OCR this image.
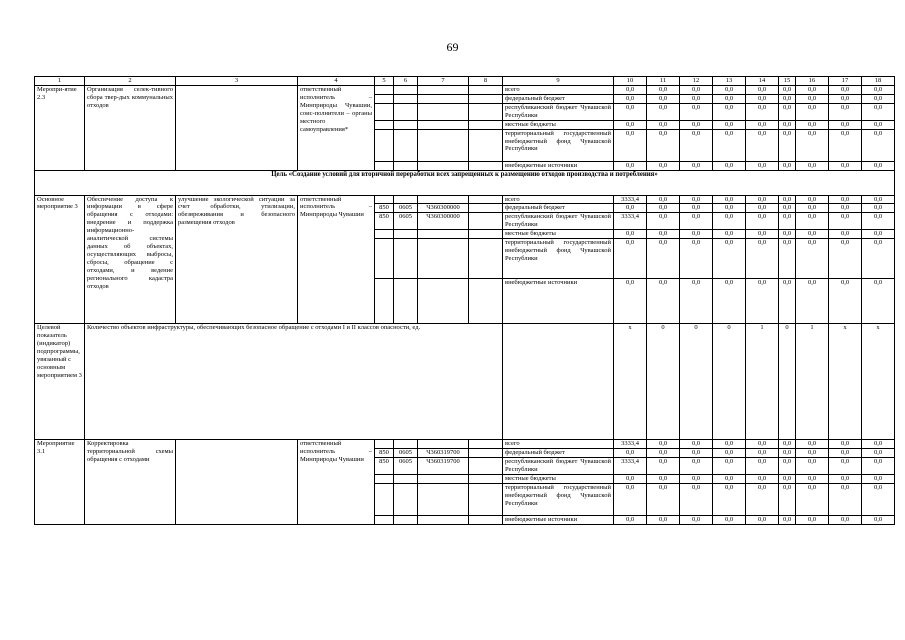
69
1	2	3	4	5	6	7	8	9	10	11	12	13	14	15	16	17	18	
Меропри-ятие 2.3	Организация селек-тивного сбора твер-дых коммунальных отходов		ответственный исполнитель – Минприроды Чувашии, соис-полнители – органы местного самоуправления*					всего	0,0	0,0	0,0	0,0	0,0	0,0	0,0	0,0	0,0	
								федеральный бюджет	0,0	0,0	0,0	0,0	0,0	0,0	0,0	0,0	0,0	
								республиканский бюджет Чувашской Республики	0,0	0,0	0,0	0,0	0,0	0,0	0,0	0,0	0,0	
								местные бюджеты	0,0	0,0	0,0	0,0	0,0	0,0	0,0	0,0	0,0	
								территориальный государственный внебюджетный фонд Чувашской Республики	0,0	0,0	0,0	0,0	0,0	0,0	0,0	0,0	0,0	
								внебюджетные источники	0,0	0,0	0,0	0,0	0,0	0,0	0,0	0,0	0,0	
Цель «Создание условий для вторичной переработки всех запрещенных к размещению отходов производства и потребления»																		
Основное мероприятие 3	Обеспечение доступа к информации в сфере обращения с отходами: внедрение и поддержка информационно-аналитической системы данных об объектах, осуществляющих выбросы, сбросы, обращение с отходами, и ведение регионального кадастра отходов	улучшение экологической ситуации за счет обработки, утилизации, обезвреживания и безопасного размещения отходов	ответственный исполнитель – Минприроды Чувашии					всего	3333,4	0,0	0,0	0,0	0,0	0,0	0,0	0,0	0,0	
				850	0605	Ч360300000		федеральный бюджет	0,0	0,0	0,0	0,0	0,0	0,0	0,0	0,0	0,0	
				850	0605	Ч360300000		республиканский бюджет Чувашской Республики	3333,4	0,0	0,0	0,0	0,0	0,0	0,0	0,0	0,0	
								местные бюджеты	0,0	0,0	0,0	0,0	0,0	0,0	0,0	0,0	0,0	
								территориальный государственный внебюджетный фонд Чувашской Республики	0,0	0,0	0,0	0,0	0,0	0,0	0,0	0,0	0,0	
								внебюджетные источники	0,0	0,0	0,0	0,0	0,0	0,0	0,0	0,0	0,0	
Целевой показатель (индикатор) подпрограммы, увязанный с основным мероприятием 3	Количество объектов инфраструктуры, обеспечивающих безопасное обращение с отходами I и II классов опасности, ед.								x	0	0	0	1	0	1	x	x	
Мероприятие 3.1	Корректировка территориальной схемы обращения с отходами		ответственный исполнитель – Минприроды Чувашии					всего	3333,4	0,0	0,0	0,0	0,0	0,0	0,0	0,0	0,0	
				850	0605	Ч360319700		федеральный бюджет	0,0	0,0	0,0	0,0	0,0	0,0	0,0	0,0	0,0	
				850	0605	Ч360319700		республиканский бюджет Чувашской Республики	3333,4	0,0	0,0	0,0	0,0	0,0	0,0	0,0	0,0	
								местные бюджеты	0,0	0,0	0,0	0,0	0,0	0,0	0,0	0,0	0,0	
								территориальный государственный внебюджетный фонд Чувашской Республики	0,0	0,0	0,0	0,0	0,0	0,0	0,0	0,0	0,0	
								внебюджетные источники	0,0	0,0	0,0	0,0	0,0	0,0	0,0	0,0	0,0	
